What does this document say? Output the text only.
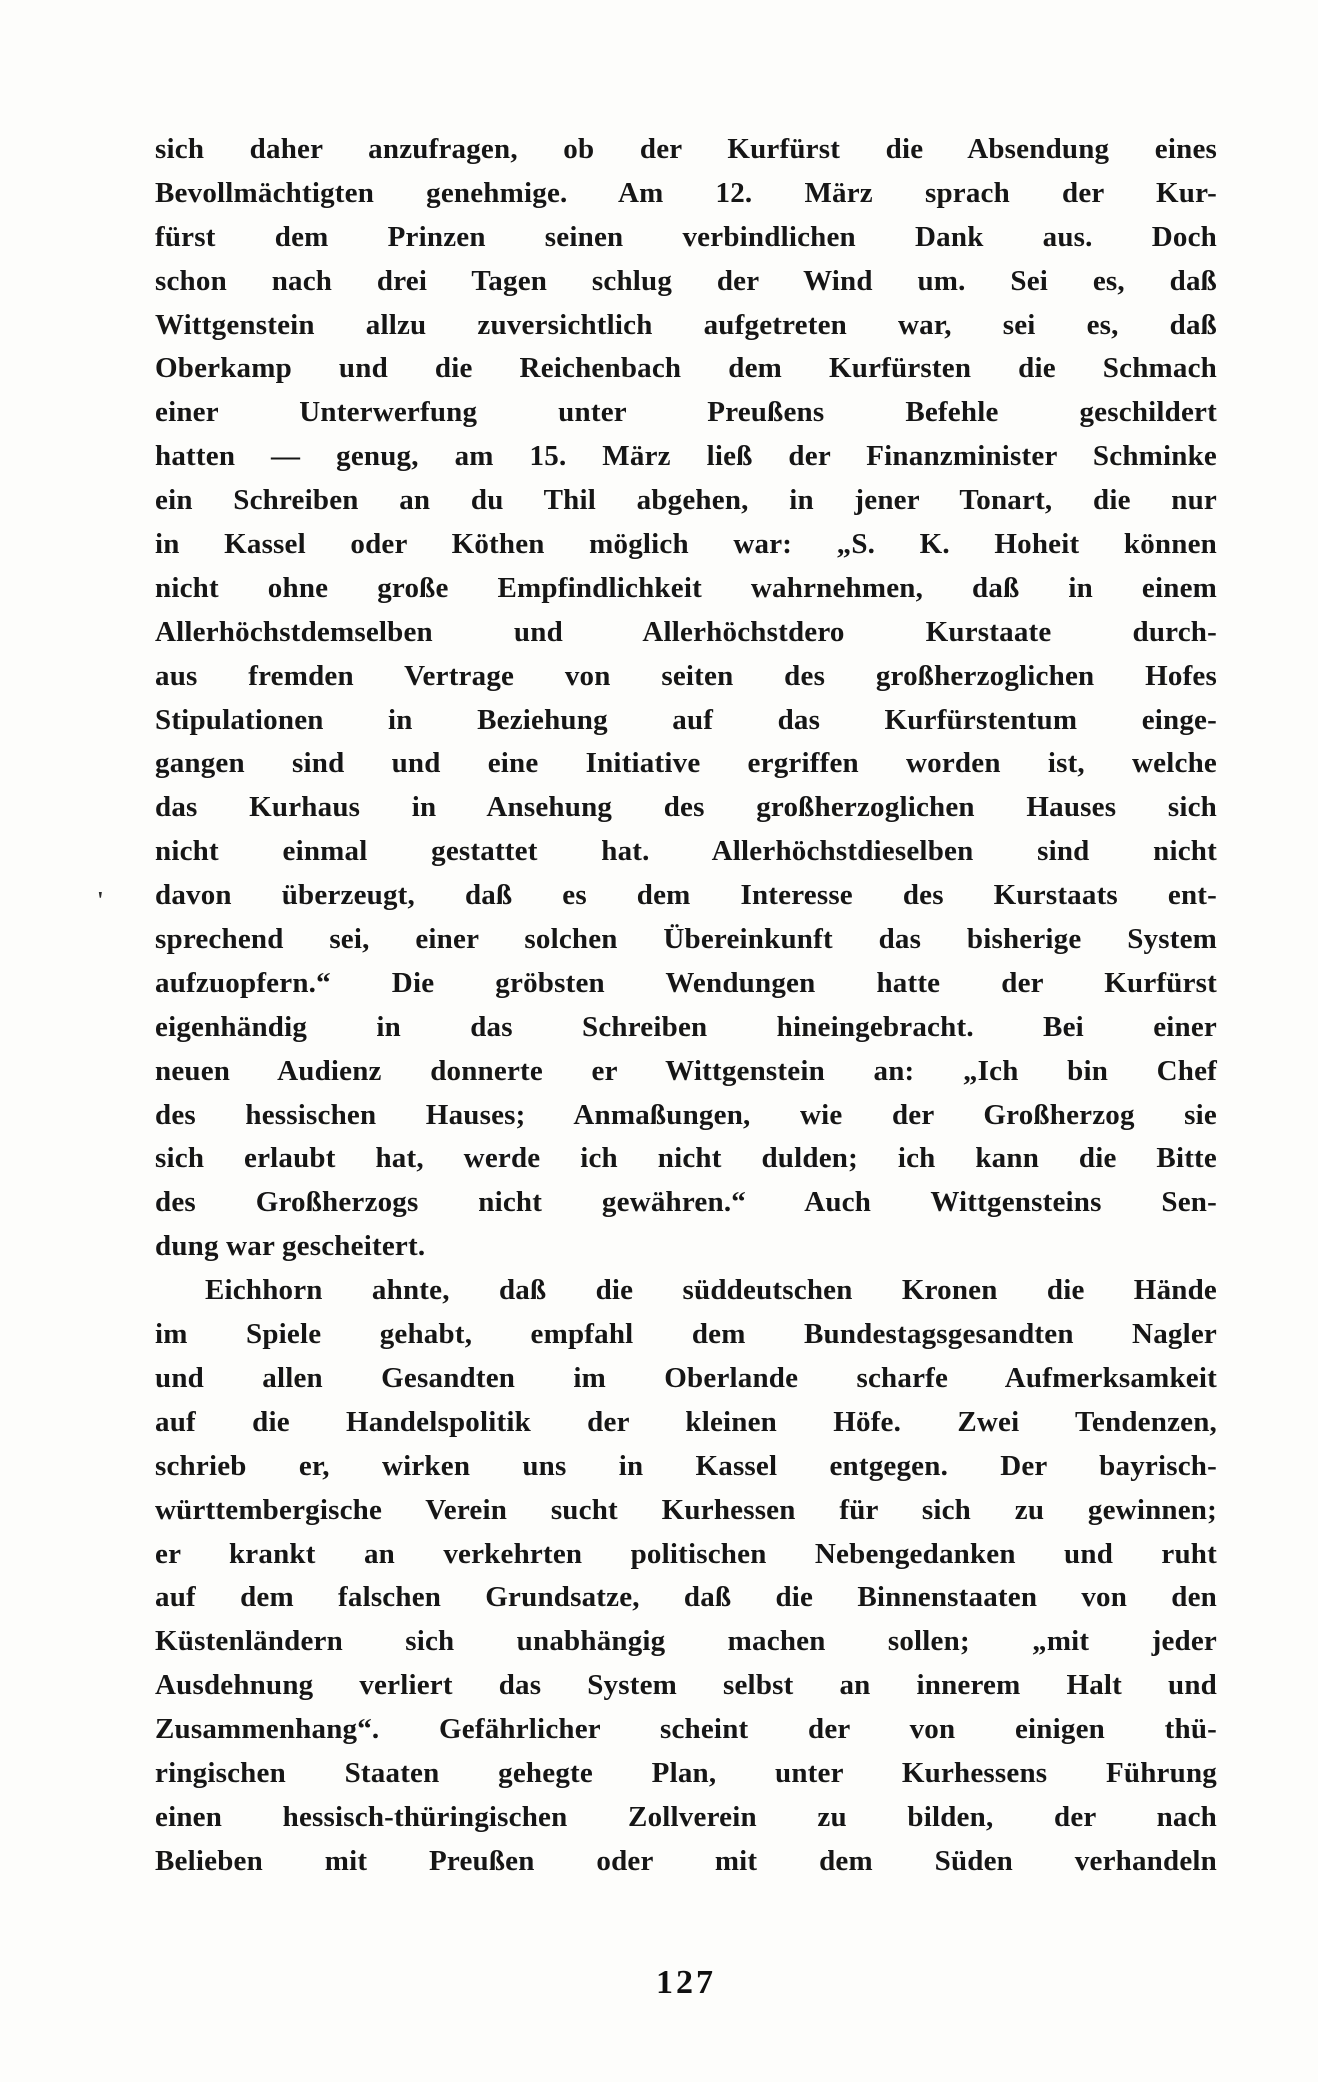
'
sich daher anzufragen, ob der Kurfürst die Absendung eines
Bevollmächtigten genehmige. Am 12. März sprach der Kur-
fürst dem Prinzen seinen verbindlichen Dank aus. Doch
schon nach drei Tagen schlug der Wind um. Sei es, daß
Wittgenstein allzu zuversichtlich aufgetreten war, sei es, daß
Oberkamp und die Reichenbach dem Kurfürsten die Schmach
einer Unterwerfung unter Preußens Befehle geschildert
hatten — genug, am 15. März ließ der Finanzminister Schminke
ein Schreiben an du Thil abgehen, in jener Tonart, die nur
in Kassel oder Köthen möglich war: „S. K. Hoheit können
nicht ohne große Empfindlichkeit wahrnehmen, daß in einem
Allerhöchstdemselben und Allerhöchstdero Kurstaate durch-
aus fremden Vertrage von seiten des großherzoglichen Hofes
Stipulationen in Beziehung auf das Kurfürstentum einge-
gangen sind und eine Initiative ergriffen worden ist, welche
das Kurhaus in Ansehung des großherzoglichen Hauses sich
nicht einmal gestattet hat. Allerhöchstdieselben sind nicht
davon überzeugt, daß es dem Interesse des Kurstaats ent-
sprechend sei, einer solchen Übereinkunft das bisherige System
aufzuopfern.“ Die gröbsten Wendungen hatte der Kurfürst
eigenhändig in das Schreiben hineingebracht. Bei einer
neuen Audienz donnerte er Wittgenstein an: „Ich bin Chef
des hessischen Hauses; Anmaßungen, wie der Großherzog sie
sich erlaubt hat, werde ich nicht dulden; ich kann die Bitte
des Großherzogs nicht gewähren.“ Auch Wittgensteins Sen-
dung war gescheitert.
Eichhorn ahnte, daß die süddeutschen Kronen die Hände
im Spiele gehabt, empfahl dem Bundestagsgesandten Nagler
und allen Gesandten im Oberlande scharfe Aufmerksamkeit
auf die Handelspolitik der kleinen Höfe. Zwei Tendenzen,
schrieb er, wirken uns in Kassel entgegen. Der bayrisch-
württembergische Verein sucht Kurhessen für sich zu gewinnen;
er krankt an verkehrten politischen Nebengedanken und ruht
auf dem falschen Grundsatze, daß die Binnenstaaten von den
Küstenländern sich unabhängig machen sollen; „mit jeder
Ausdehnung verliert das System selbst an innerem Halt und
Zusammenhang“. Gefährlicher scheint der von einigen thü-
ringischen Staaten gehegte Plan, unter Kurhessens Führung
einen hessisch-thüringischen Zollverein zu bilden, der nach
Belieben mit Preußen oder mit dem Süden verhandeln
127
